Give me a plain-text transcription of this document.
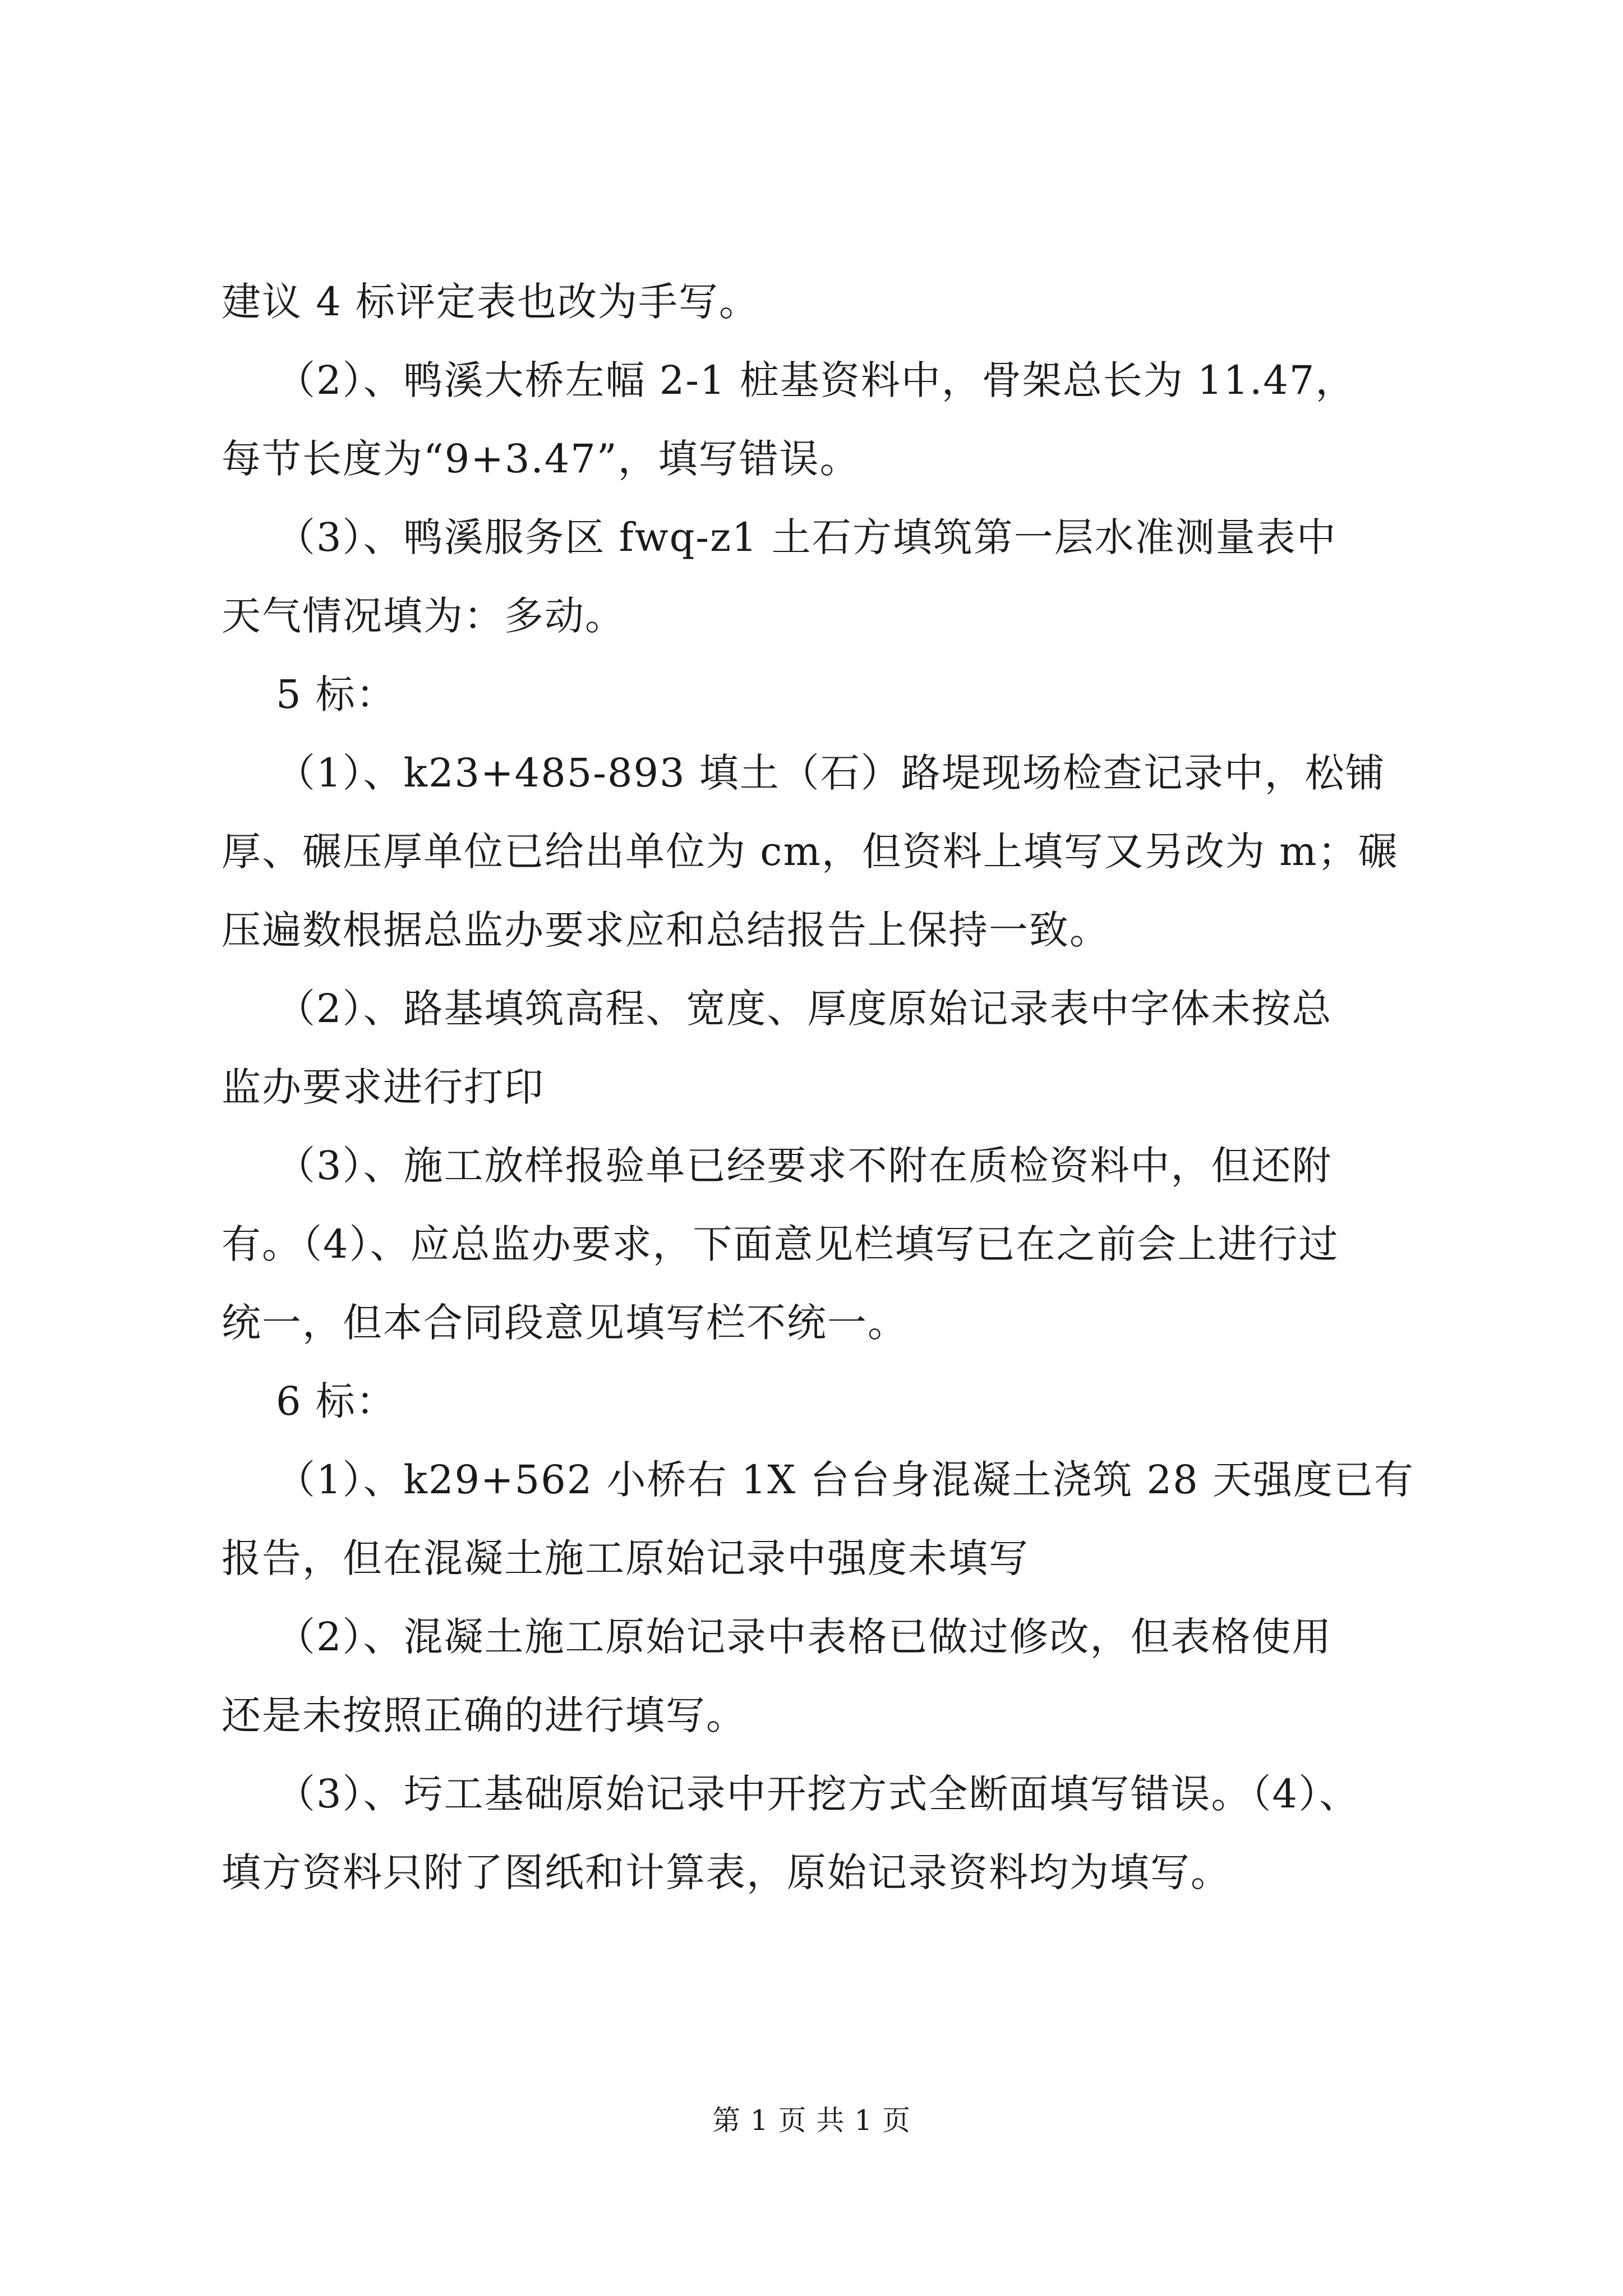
建议 4 标评定表也改为手写。
（2）、鸭溪大桥左幅 2-1 桩基资料中，骨架总长为 11.47，
每节长度为“9+3.47”，填写错误。
（3）、鸭溪服务区 fwq-z1 土石方填筑第一层水准测量表中
天气情况填为：多动。
5 标：
（1）、k23+485-893 填土（石）路堤现场检查记录中，松铺
厚、碾压厚单位已给出单位为 cm，但资料上填写又另改为 m；碾
压遍数根据总监办要求应和总结报告上保持一致。
（2）、路基填筑高程、宽度、厚度原始记录表中字体未按总
监办要求进行打印
（3）、施工放样报验单已经要求不附在质检资料中，但还附
有。（4）、应总监办要求，下面意见栏填写已在之前会上进行过
统一，但本合同段意见填写栏不统一。
6 标：
（1）、k29+562 小桥右 1X 台台身混凝土浇筑 28 天强度已有
报告，但在混凝土施工原始记录中强度未填写
（2）、混凝土施工原始记录中表格已做过修改，但表格使用
还是未按照正确的进行填写。
（3）、圬工基础原始记录中开挖方式全断面填写错误。（4）、
填方资料只附了图纸和计算表，原始记录资料均为填写。
第 1 页 共 1 页
